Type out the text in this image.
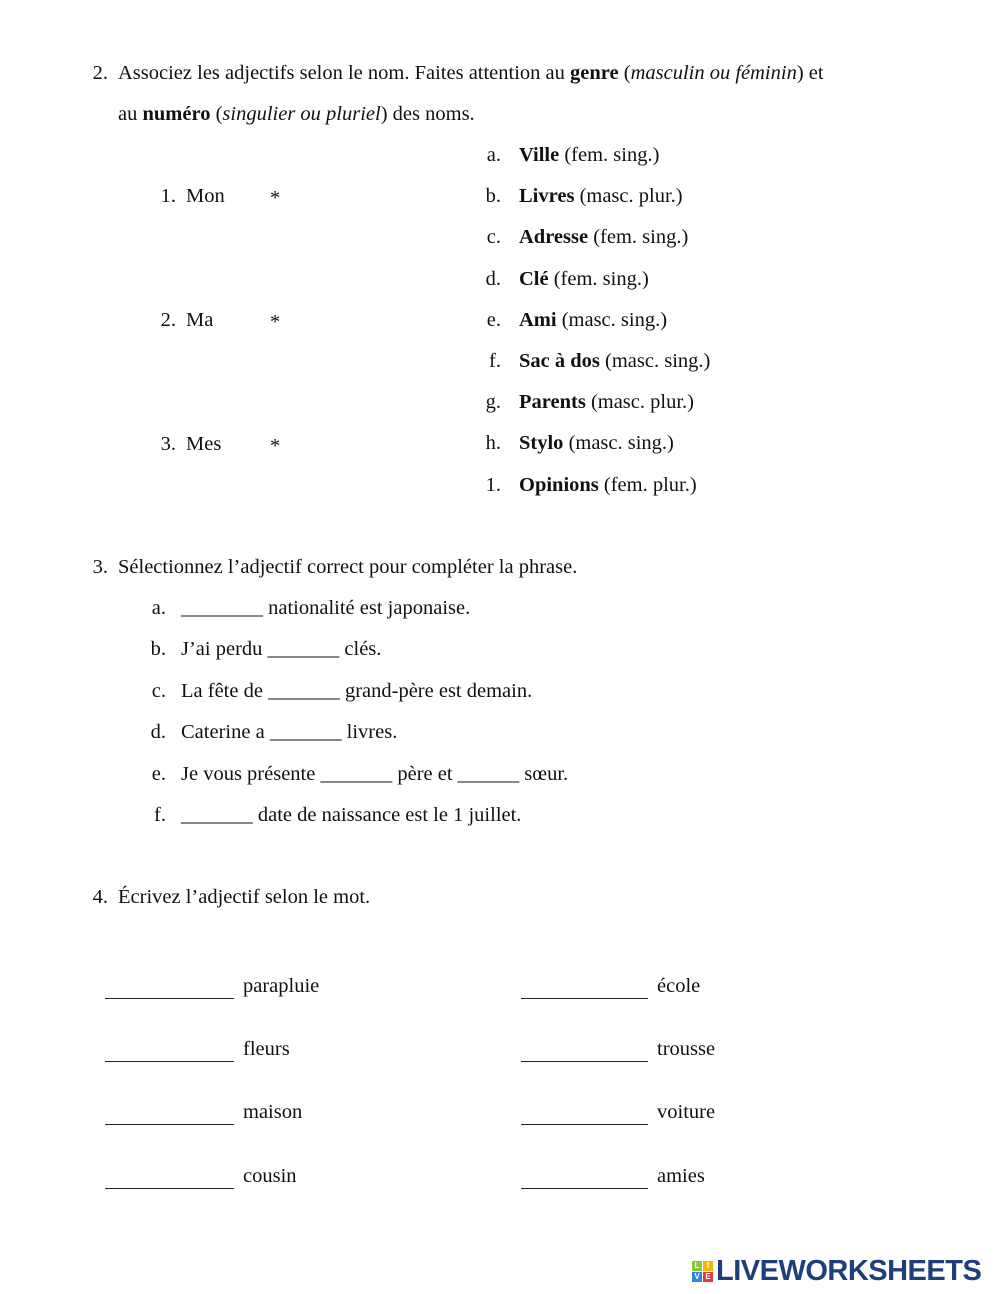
2. Associez les adjectifs selon le nom. Faites attention au genre (masculin ou féminin) et
au numéro (singulier ou pluriel) des noms.
1. Mon *
2. Ma	*
3. Mes *
a. Ville (fem. sing.)
b. Livres (masc. plur.)
c. Adresse (fem. sing.)
d. Clé (fem. sing.)
e. Ami (masc. sing.)
f. Sac à dos (masc. sing.)
g. Parents (masc. plur.)
h. Stylo (masc. sing.)
1. Opinions (fem. plur.)
3. Sélectionnez l’adjectif correct pour compléter la phrase.
a. ________ nationalité est japonaise.
b. J’ai perdu _______ clés.
c. La fête de _______ grand-père est demain.
d. Caterine a _______ livres.
e. Je vous présente _______ père et ______ sœur.
f. _______ date de naissance est le 1 juillet.
4. Écrivez l’adjectif selon le mot.
parapluie	école
fleurs	trousse
maison	voiture
cousin	amies
L I
V E LIVEWORKSHEETS
